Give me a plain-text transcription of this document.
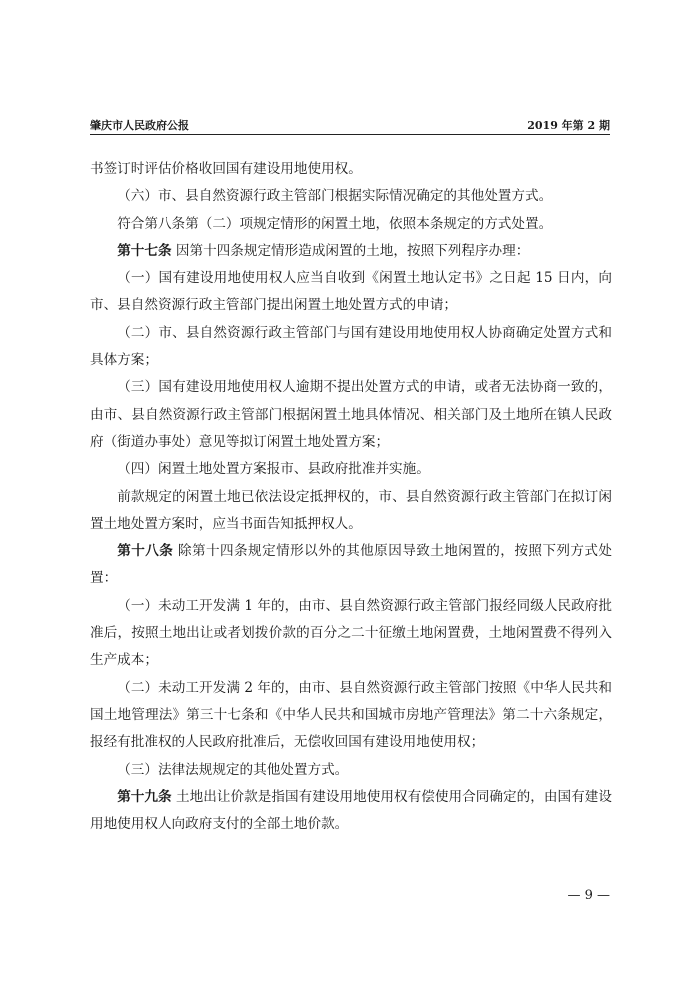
肇庆市人民政府公报	2019 年第 2 期

书签订时评估价格收回国有建设用地使用权。

（六）市、县自然资源行政主管部门根据实际情况确定的其他处置方式。

符合第八条第（二）项规定情形的闲置土地，依照本条规定的方式处置。

第十七条 因第十四条规定情形造成闲置的土地，按照下列程序办理：

（一）国有建设用地使用权人应当自收到《闲置土地认定书》之日起 15 日内，向市、县自然资源行政主管部门提出闲置土地处置方式的申请；

（二）市、县自然资源行政主管部门与国有建设用地使用权人协商确定处置方式和具体方案；

（三）国有建设用地使用权人逾期不提出处置方式的申请，或者无法协商一致的，由市、县自然资源行政主管部门根据闲置土地具体情况、相关部门及土地所在镇人民政府（街道办事处）意见等拟订闲置土地处置方案；

（四）闲置土地处置方案报市、县政府批准并实施。

前款规定的闲置土地已依法设定抵押权的，市、县自然资源行政主管部门在拟订闲置土地处置方案时，应当书面告知抵押权人。

第十八条 除第十四条规定情形以外的其他原因导致土地闲置的，按照下列方式处置：

（一）未动工开发满 1 年的，由市、县自然资源行政主管部门报经同级人民政府批准后，按照土地出让或者划拨价款的百分之二十征缴土地闲置费，土地闲置费不得列入生产成本；

（二）未动工开发满 2 年的，由市、县自然资源行政主管部门按照《中华人民共和国土地管理法》第三十七条和《中华人民共和国城市房地产管理法》第二十六条规定，报经有批准权的人民政府批准后，无偿收回国有建设用地使用权；

（三）法律法规规定的其他处置方式。

第十九条 土地出让价款是指国有建设用地使用权有偿使用合同确定的，由国有建设用地使用权人向政府支付的全部土地价款。

— 9 —
